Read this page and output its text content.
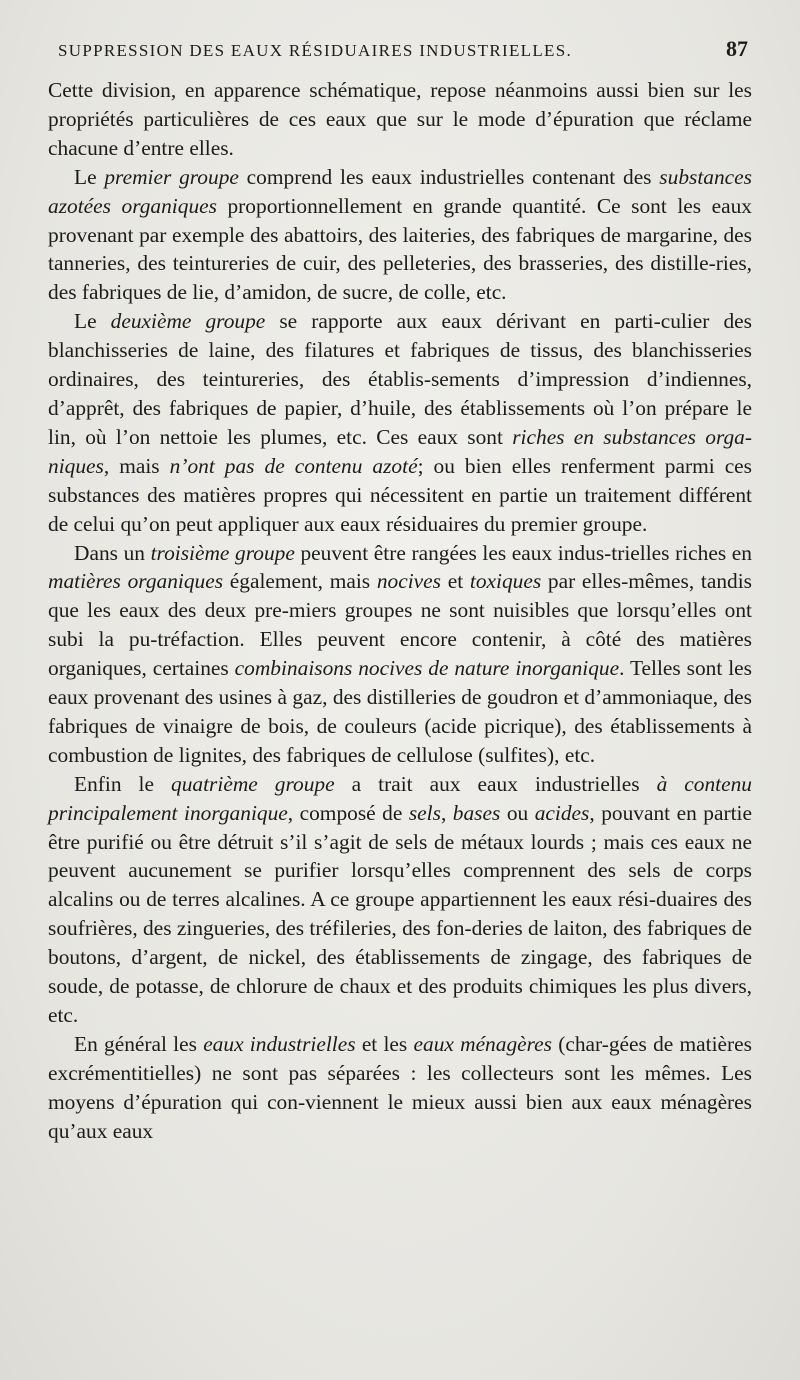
SUPPRESSION DES EAUX RÉSIDUAIRES INDUSTRIELLES.	87

Cette division, en apparence schématique, repose néanmoins aussi bien sur les propriétés particulières de ces eaux que sur le mode d’épuration que réclame chacune d’entre elles.

Le premier groupe comprend les eaux industrielles contenant des substances azotées organiques proportionnellement en grande quantité. Ce sont les eaux provenant par exemple des abattoirs, des laiteries, des fabriques de margarine, des tanneries, des teintureries de cuir, des pelleteries, des brasseries, des distille-ries, des fabriques de lie, d’amidon, de sucre, de colle, etc.

Le deuxième groupe se rapporte aux eaux dérivant en parti-culier des blanchisseries de laine, des filatures et fabriques de tissus, des blanchisseries ordinaires, des teintureries, des établis-sements d’impression d’indiennes, d’apprêt, des fabriques de papier, d’huile, des établissements où l’on prépare le lin, où l’on nettoie les plumes, etc. Ces eaux sont riches en substances orga-niques, mais n’ont pas de contenu azoté; ou bien elles renferment parmi ces substances des matières propres qui nécessitent en partie un traitement différent de celui qu’on peut appliquer aux eaux résiduaires du premier groupe.

Dans un troisième groupe peuvent être rangées les eaux indus-trielles riches en matières organiques également, mais nocives et toxiques par elles-mêmes, tandis que les eaux des deux pre-miers groupes ne sont nuisibles que lorsqu’elles ont subi la pu-tréfaction. Elles peuvent encore contenir, à côté des matières organiques, certaines combinaisons nocives de nature inorganique. Telles sont les eaux provenant des usines à gaz, des distilleries de goudron et d’ammoniaque, des fabriques de vinaigre de bois, de couleurs (acide picrique), des établissements à combustion de lignites, des fabriques de cellulose (sulfites), etc.

Enfin le quatrième groupe a trait aux eaux industrielles à contenu principalement inorganique, composé de sels, bases ou acides, pouvant en partie être purifié ou être détruit s’il s’agit de sels de métaux lourds ; mais ces eaux ne peuvent aucunement se purifier lorsqu’elles comprennent des sels de corps alcalins ou de terres alcalines. A ce groupe appartiennent les eaux rési-duaires des soufrières, des zingueries, des tréfileries, des fon-deries de laiton, des fabriques de boutons, d’argent, de nickel, des établissements de zingage, des fabriques de soude, de potasse, de chlorure de chaux et des produits chimiques les plus divers, etc.

En général les eaux industrielles et les eaux ménagères (char-gées de matières excrémentitielles) ne sont pas séparées : les collecteurs sont les mêmes. Les moyens d’épuration qui con-viennent le mieux aussi bien aux eaux ménagères qu’aux eaux
